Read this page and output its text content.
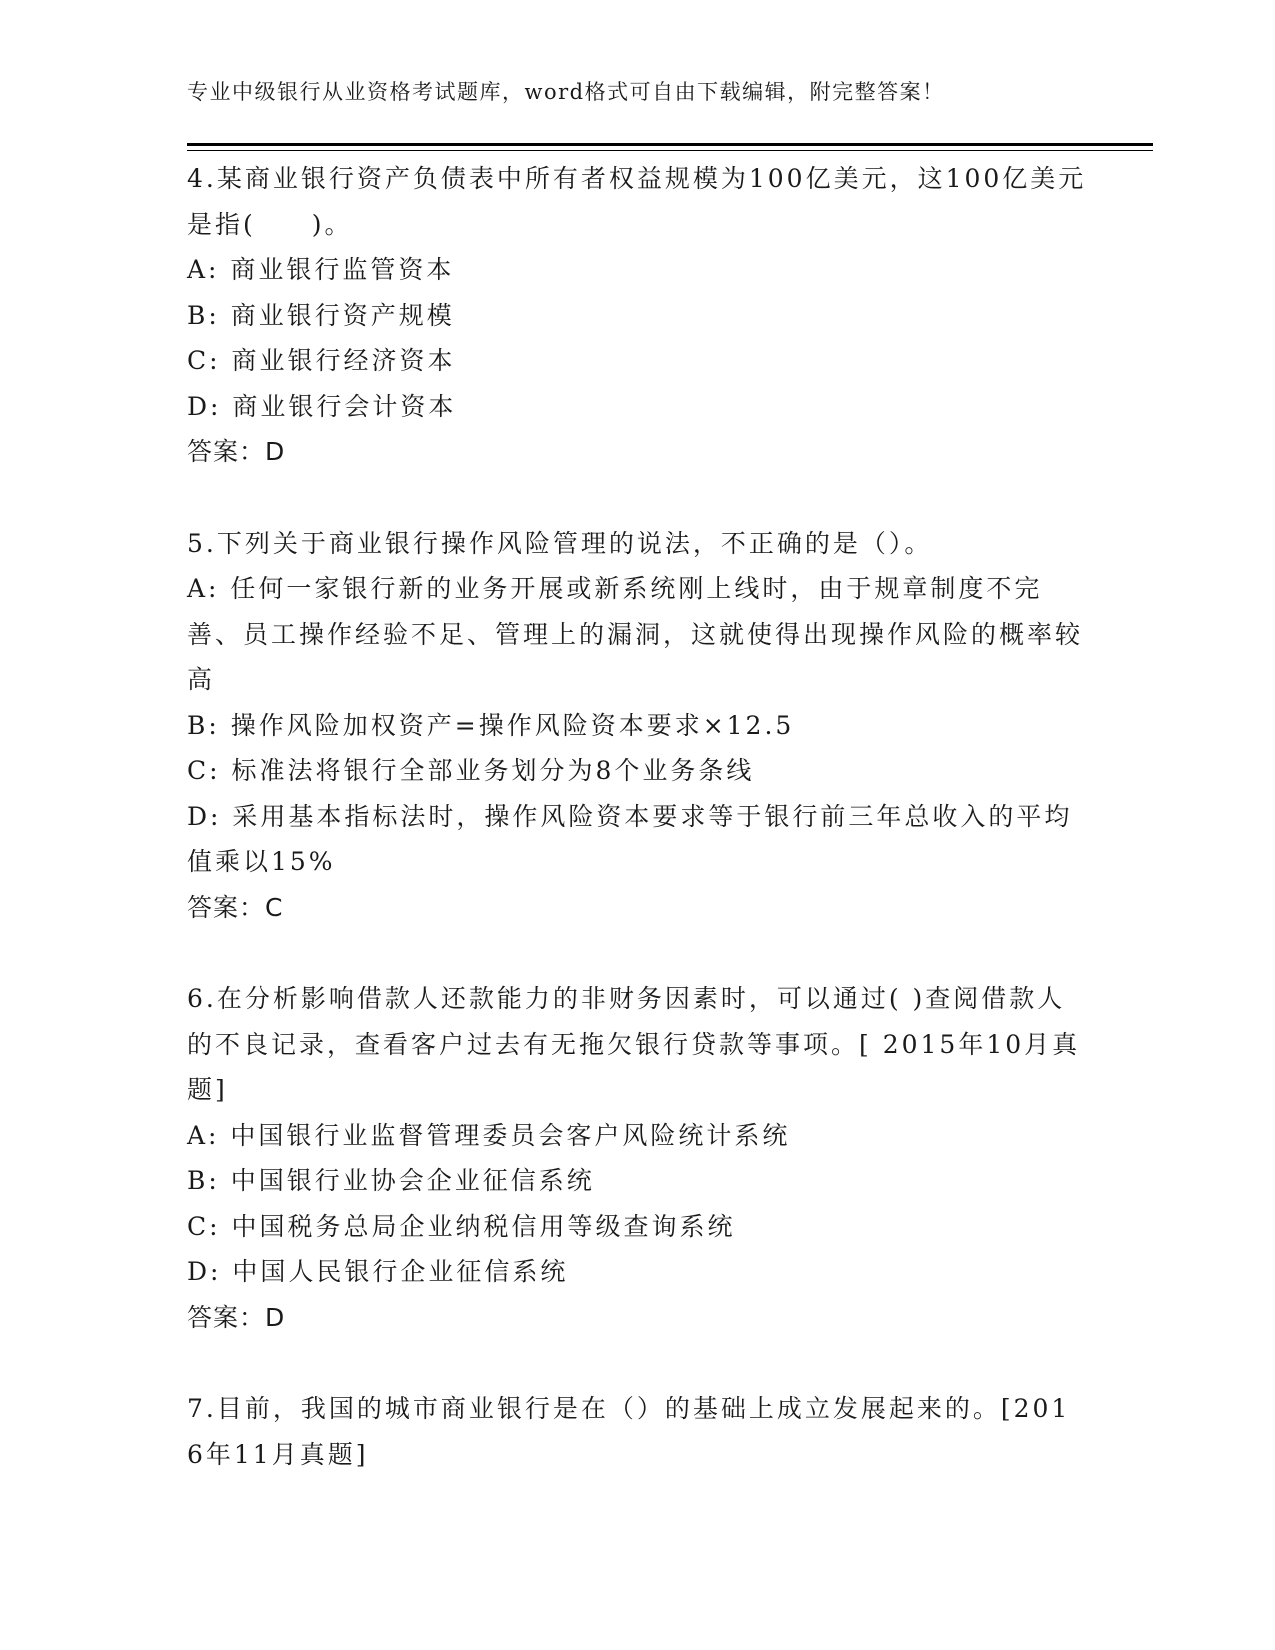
专业中级银行从业资格考试题库，word格式可自由下载编辑，附完整答案！
4.某商业银行资产负债表中所有者权益规模为100亿美元，这100亿美元是指(　　)。
A: 商业银行监管资本
B: 商业银行资产规模
C: 商业银行经济资本
D: 商业银行会计资本
答案：D
5.下列关于商业银行操作风险管理的说法，不正确的是（）。
A: 任何一家银行新的业务开展或新系统刚上线时，由于规章制度不完善、员工操作经验不足、管理上的漏洞，这就使得出现操作风险的概率较高
B: 操作风险加权资产=操作风险资本要求×12.5
C: 标准法将银行全部业务划分为8个业务条线
D: 采用基本指标法时，操作风险资本要求等于银行前三年总收入的平均值乘以15%
答案：C
6.在分析影响借款人还款能力的非财务因素时，可以通过( )查阅借款人的不良记录，查看客户过去有无拖欠银行贷款等事项。[ 2015年10月真题]
A: 中国银行业监督管理委员会客户风险统计系统
B: 中国银行业协会企业征信系统
C: 中国税务总局企业纳税信用等级查询系统
D: 中国人民银行企业征信系统
答案：D
7.目前，我国的城市商业银行是在（）的基础上成立发展起来的。[2016年11月真题]
